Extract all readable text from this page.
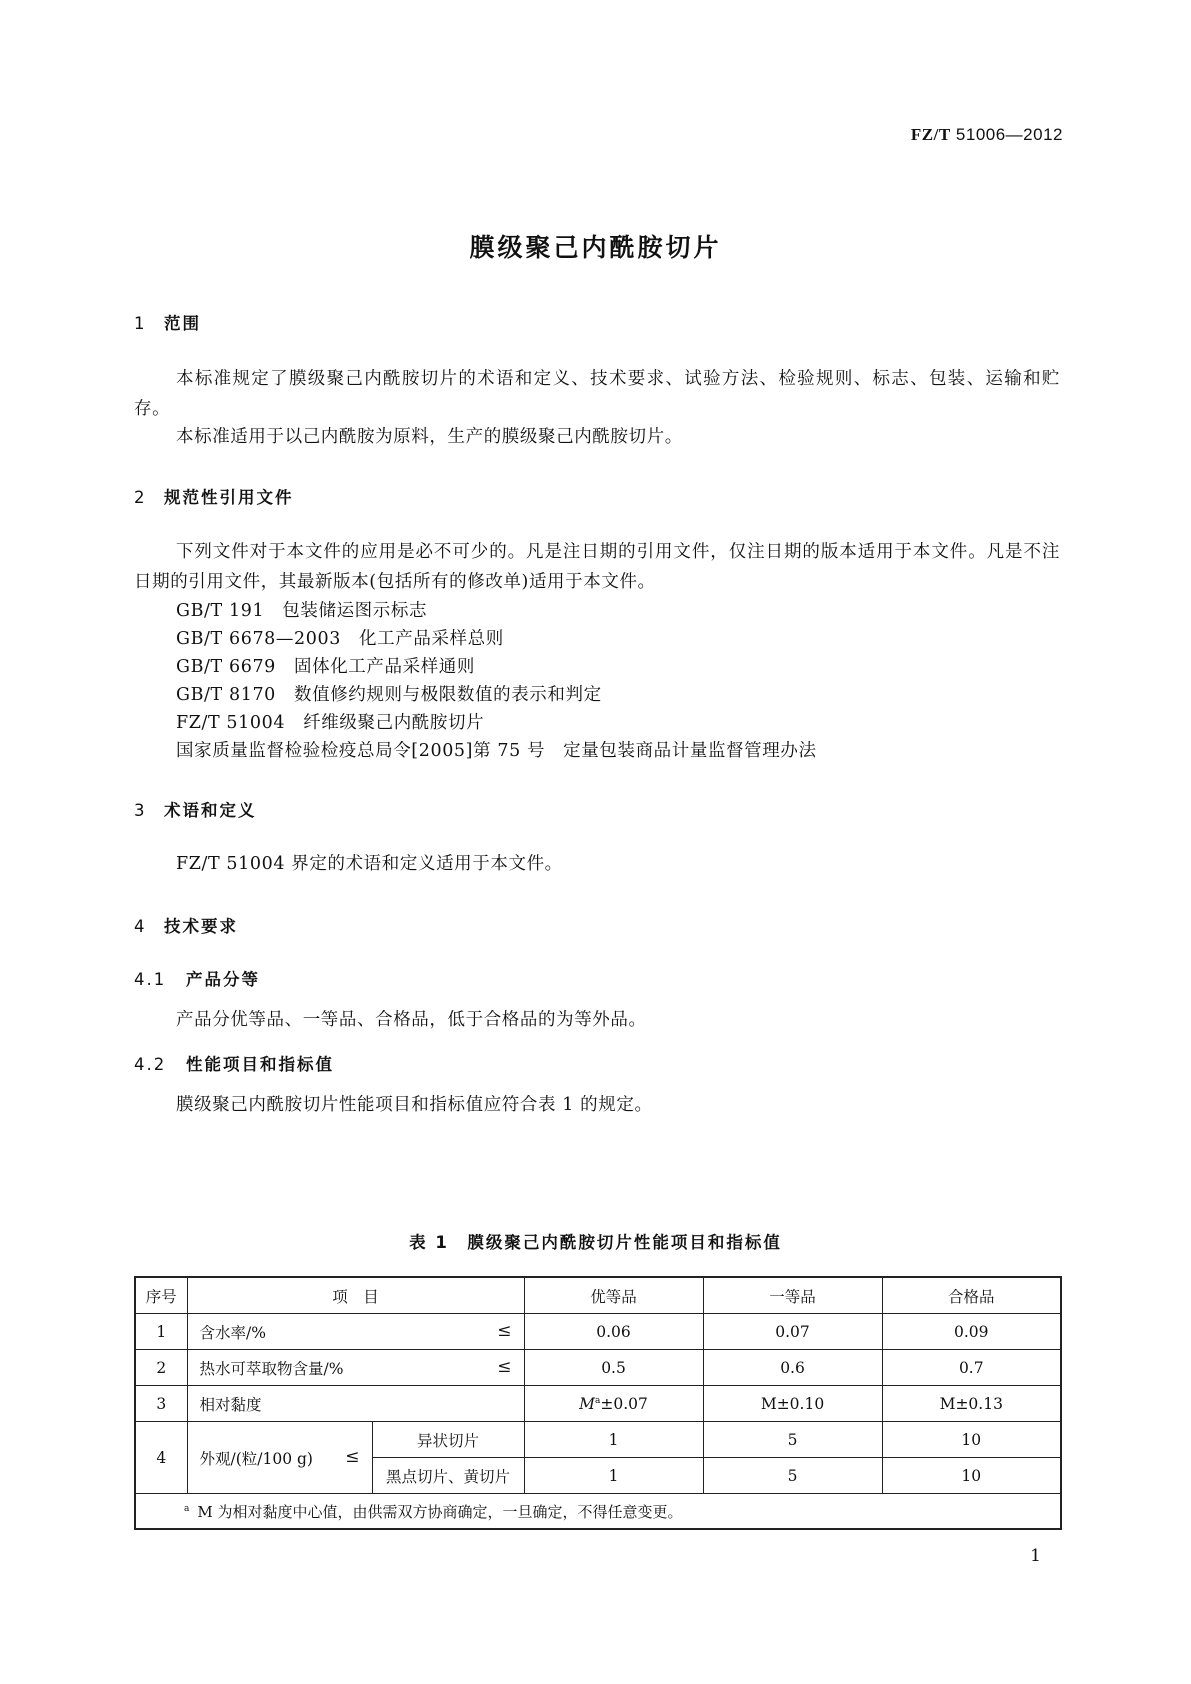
FZ/T 51006—2012
膜级聚己内酰胺切片
1 范围
本标准规定了膜级聚己内酰胺切片的术语和定义、技术要求、试验方法、检验规则、标志、包装、运输和贮存。
本标准适用于以己内酰胺为原料，生产的膜级聚己内酰胺切片。
2 规范性引用文件
下列文件对于本文件的应用是必不可少的。凡是注日期的引用文件，仅注日期的版本适用于本文件。凡是不注日期的引用文件，其最新版本(包括所有的修改单)适用于本文件。
GB/T 191　包装储运图示标志
GB/T 6678—2003　化工产品采样总则
GB/T 6679　固体化工产品采样通则
GB/T 8170　数值修约规则与极限数值的表示和判定
FZ/T 51004　纤维级聚己内酰胺切片
国家质量监督检验检疫总局令[2005]第 75 号　定量包装商品计量监督管理办法
3 术语和定义
FZ/T 51004 界定的术语和定义适用于本文件。
4 技术要求
4.1 产品分等
产品分优等品、一等品、合格品，低于合格品的为等外品。
4.2 性能项目和指标值
膜级聚己内酰胺切片性能项目和指标值应符合表 1 的规定。
表 1　膜级聚己内酰胺切片性能项目和指标值
序号	项　目		优等品	一等品	合格品
1	含水率/% ≤		0.06	0.07	0.09
2	热水可萃取物含量/% ≤		0.5	0.6	0.7
3	相对黏度		$M^a\pm 0.07$	M±0.10	M±0.13
4	外观/(粒/100 g) ≤	异状切片	1	5	10
		黑点切片、黄切片	1	5	10
$^a$ M 为相对黏度中心值，由供需双方协商确定，一旦确定，不得任意变更。					
1
